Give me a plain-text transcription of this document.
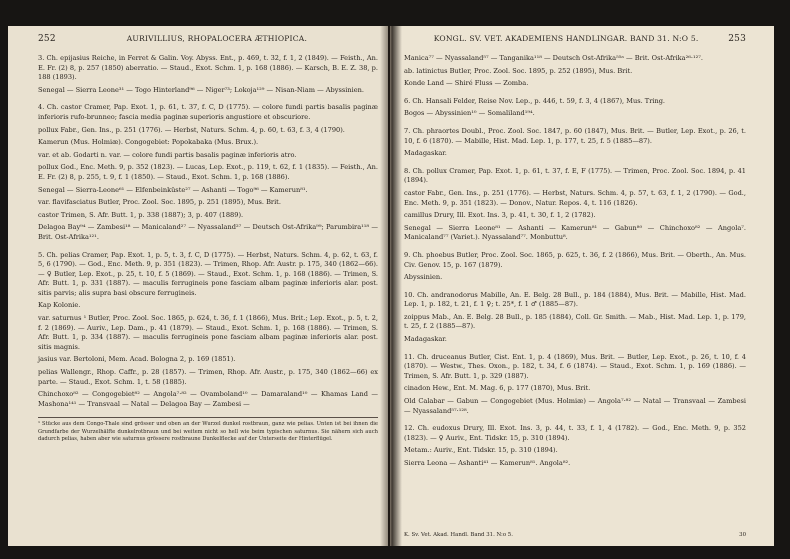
252	AURIVILLIUS, RHOPALOCERA ÆTHIOPICA.

3. Ch. epijasius Reiche, in Ferret & Galin. Voy. Abyss. Ent., p. 469, t. 32, f. 1, 2 (1849). — Feisth., An. E. Fr. (2) 8, p. 257 (1850) aberratio. — Staud., Exot. Schm. 1, p. 168 (1886). — Karsch, B. E. Z. 38, p. 188 (1893).

Senegal — Sierra Leone³¹ — Togo Hinterland⁹⁶ — Niger⁷³; Lokoja¹²⁹ — Nisan-Niam — Abyssinien.

4. Ch. castor Cramer, Pap. Exot. 1, p. 61, t. 37, f. C, D (1775). — colore fundi partis basalis paginæ inferioris rufo-brunneo; fascia media paginæ superioris angustiore et obscuriore.

pollux Fabr., Gen. Ins., p. 251 (1776). — Herbst, Naturs. Schm. 4, p. 60, t. 63, f. 3, 4 (1790).

Kamerun (Mus. Holmiæ). Congogebiet: Popokabaka (Mus. Brux.).

var. et ab. Godarti n. var. — colore fundi partis basalis paginæ inferioris atro.

pollux God., Enc. Meth. 9, p. 352 (1823). — Lucas, Lep. Exot., p. 119, t. 62, f. 1 (1835). — Feisth., An. E. Fr. (2) 8, p. 255, t. 9, f. 1 (1850). — Staud., Exot. Schm. 1, p. 168 (1886).

Senegal — Sierra-Leone⁶¹ — Elfenbeinküste²⁷ — Ashanti — Togo⁹⁶ — Kamerun⁸¹.

var. flavifasciatus Butler, Proc. Zool. Soc. 1895, p. 251 (1895), Mus. Brit.

castor Trimen, S. Afr. Butt. 1, p. 338 (1887); 3, p. 407 (1889).

Delagoa Bay⁹⁴ — Zambesi¹⁸ — Manicaland²⁷ — Nyassaland²⁷ — Deutsch Ost-Afrika⁹⁹; Parumbira¹¹⁸ — Brit. Ost-Afrika¹²¹.

5. Ch. pelias Cramer, Pap. Exot. 1, p. 5, t. 3, f. C, D (1775). — Herbst, Naturs. Schm. 4, p. 62, t. 63, f. 5, 6 (1790). — God., Enc. Meth. 9, p. 351 (1823). — Trimen, Rhop. Afr. Austr. p. 175, 340 (1862—66). — ♀ Butler, Lep. Exot., p. 25, t. 10, f. 5 (1869). — Staud., Exot. Schm. 1, p. 168 (1886). — Trimen, S. Afr. Butt. 1, p. 331 (1887). — maculis ferrugineis pone fasciam albam paginæ inferioris alar. post. sitis parvis; alis supra basi obscure ferrugineis.

Kap Kolonie.

var. saturnus ¹ Butler, Proc. Zool. Soc. 1865, p. 624, t. 36, f. 1 (1866), Mus. Brit.; Lep. Exot., p. 5, t. 2, f. 2 (1869). — Auriv., Lep. Dam., p. 41 (1879). — Staud., Exot. Schm. 1, p. 168 (1886). — Trimen, S. Afr. Butt. 1, p. 334 (1887). — maculis ferrugineis pone fasciam albam paginæ inferioris alar. post. sitis magnis.

jasius var. Bertoloni, Mem. Acad. Bologna 2, p. 169 (1851).

pelias Wallengr., Rhop. Caffr., p. 28 (1857). — Trimen, Rhop. Afr. Austr., p. 175, 340 (1862—66) ex parte. — Staud., Exot. Schm. 1, t. 58 (1885).

Chinchoxo⁸² — Congogebiet⁸² — Angola⁷·⁸² — Ovamboland¹⁰ — Damaraland¹⁰ — Khamas Land — Mashona¹⁴¹ — Transvaal — Natal — Delagoa Bay — Zambesi —

¹ Stücke aus dem Congo-Thale sind grösser und oben an der Wurzel dunkel rostbraun, ganz wie pelias. Unten ist bei ihnen die Grundfarbe der Wurzelhälfte dunkelrotbraun und bei weitem nicht so hell wie beim typischen saturnus. Sie nähern sich auch dadurch pelias, haben aber wie saturnus grössere rostbraune Dunkelflecke auf der Unterseite der Hinterflügel.
KONGL. SV. VET. AKADEMIENS HANDLINGAR. BAND 31. N:O 5.	253

Manica⁷⁷ — Nyassaland⁵⁷ — Tanganika¹¹⁸ — Deutsch Ost-Afrika⁵⁵ᵃ — Brit. Ost-Afrika²⁶·¹²⁷.

ab. latinictus Butler, Proc. Zool. Soc. 1895, p. 252 (1895), Mus. Brit.

Konde Land — Shiré Fluss — Zomba.

6. Ch. Hansali Felder, Reise Nov. Lep., p. 446, t. 59, f. 3, 4 (1867), Mus. Tring.

Bogos — Abyssinien¹⁰ — Somaliland¹⁹⁴.

7. Ch. phraortes Doubl., Proc. Zool. Soc. 1847, p. 60 (1847), Mus. Brit. — Butler, Lep. Exot., p. 26, t. 10, f. 6 (1870). — Mabille, Hist. Mad. Lep. 1, p. 177, t. 25, f. 5 (1885—87).

Madagaskar.

8. Ch. pollux Cramer, Pap. Exot. 1, p. 61, t. 37, f. E, F (1775). — Trimen, Proc. Zool. Soc. 1894, p. 41 (1894).

castor Fabr., Gen. Ins., p. 251 (1776). — Herbst, Naturs. Schm. 4, p. 57, t. 63, f. 1, 2 (1790). — God., Enc. Meth. 9, p. 351 (1823). — Donov., Natur. Repos. 4, t. 116 (1826).

camillus Drury, Ill. Exot. Ins. 3, p. 41, t. 30, f. 1, 2 (1782).

Senegal — Sierra Leone⁸¹ — Ashanti — Kamerun⁸¹ — Gabun⁸⁰ — Chinchoxo⁸² — Angola⁷. Manicaland⁷⁷ (Variet.). Nyassaland⁷⁷. Monbuttu⁸.

9. Ch. phoebus Butler, Proc. Zool. Soc. 1865, p. 625, t. 36, f. 2 (1866), Mus. Brit. — Oberth., An. Mus. Civ. Genov. 15, p. 167 (1879).

Abyssinien.

10. Ch. andranodorus Mabille, An. E. Belg. 28 Bull., p. 184 (1884), Mus. Brit. — Mabille, Hist. Mad. Lep. 1, p. 182, t. 21, f. 1 ♀; t. 25*, f. 1 ♂ (1885—87).

zoippus Mab., An. E. Belg. 28 Bull., p. 185 (1884), Coll. Gr. Smith. — Mab., Hist. Mad. Lep. 1, p. 179, t. 25, f. 2 (1885—87).

Madagaskar.

11. Ch. druceanus Butler, Cist. Ent. 1, p. 4 (1869), Mus. Brit. — Butler, Lep. Exot., p. 26, t. 10, f. 4 (1870). — Westw., Thes. Oxon., p. 182, t. 34, f. 6 (1874). — Staud., Exot. Schm. 1, p. 169 (1886). — Trimen, S. Afr. Butt. 1, p. 329 (1887).

cinadon Hew., Ent. M. Mag. 6, p. 177 (1870), Mus. Brit.

Old Calabar — Gabun — Congogebiet (Mus. Holmiæ) — Angola⁷·⁸² — Natal — Transvaal — Zambesi — Nyassaland⁵⁷·¹²⁸.

12. Ch. eudoxus Drury, Ill. Exot. Ins. 3, p. 44, t. 33, f. 1, 4 (1782). — God., Enc. Meth. 9, p. 352 (1823). — ♀ Auriv., Ent. Tidskr. 15, p. 310 (1894).

Metam.: Auriv., Ent. Tidskr. 15, p. 310 (1894).

Sierra Leona — Ashanti⁴¹ — Kamerun⁸¹. Angola⁸².

K. Sv. Vet. Akad. Handl. Band 31. N:o 5.	30
